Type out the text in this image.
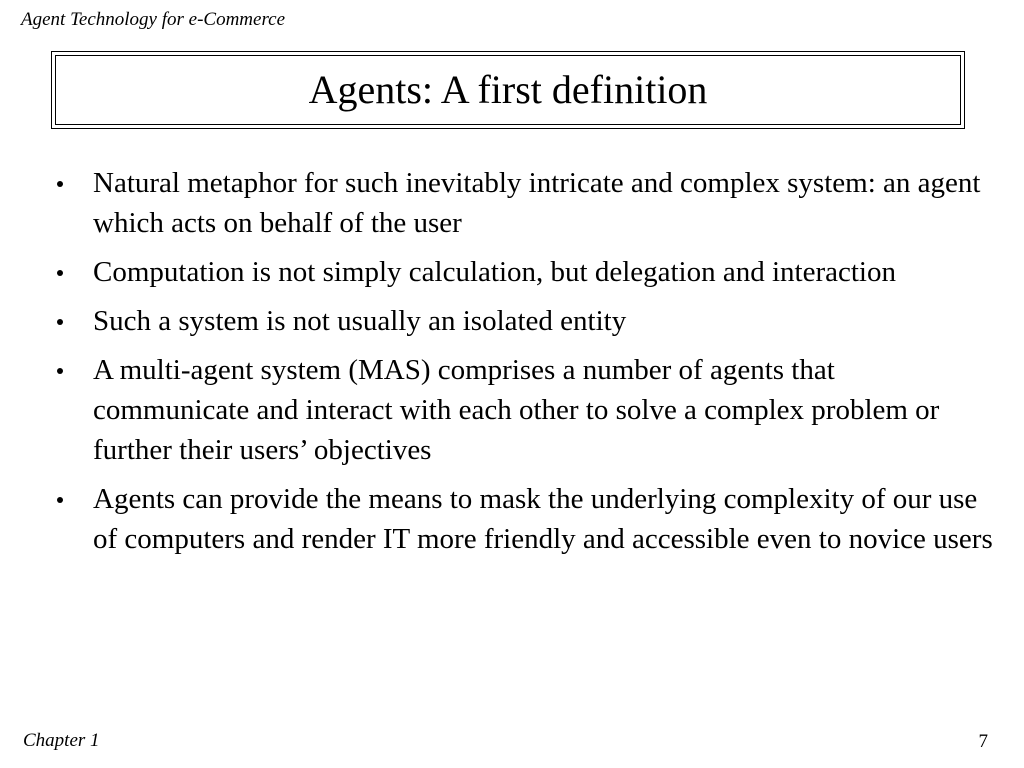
Agent Technology for e-Commerce
Agents: A first definition
Natural metaphor for such inevitably intricate and complex system: an agent which acts on behalf of the user
Computation is not simply calculation, but delegation and interaction
Such a system is not usually an isolated entity
A multi-agent system (MAS) comprises a number of agents that communicate and interact with each other to solve a complex problem or further their users’ objectives
Agents can provide the means to mask the underlying complexity of our use of computers and render IT more friendly and accessible even to novice users
Chapter 1	7
